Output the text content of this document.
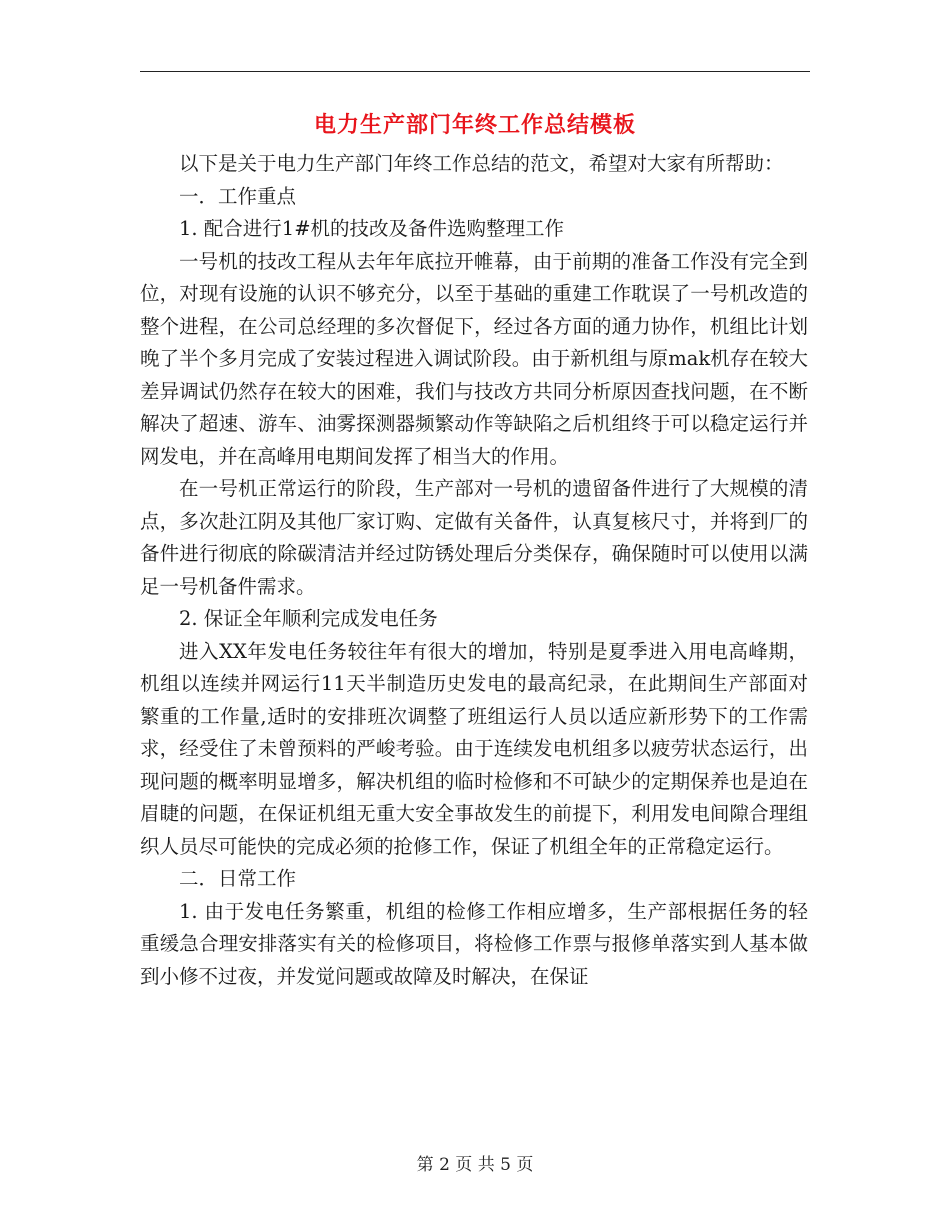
电力生产部门年终工作总结模板

以下是关于电力生产部门年终工作总结的范文，希望对大家有所帮助：

一．工作重点

1. 配合进行1#机的技改及备件选购整理工作

一号机的技改工程从去年年底拉开帷幕，由于前期的准备工作没有完全到位，对现有设施的认识不够充分，以至于基础的重建工作耽误了一号机改造的整个进程，在公司总经理的多次督促下，经过各方面的通力协作，机组比计划晚了半个多月完成了安装过程进入调试阶段。由于新机组与原mak机存在较大差异调试仍然存在较大的困难，我们与技改方共同分析原因查找问题，在不断解决了超速、游车、油雾探测器频繁动作等缺陷之后机组终于可以稳定运行并网发电，并在高峰用电期间发挥了相当大的作用。

在一号机正常运行的阶段，生产部对一号机的遗留备件进行了大规模的清点，多次赴江阴及其他厂家订购、定做有关备件，认真复核尺寸，并将到厂的备件进行彻底的除碳清洁并经过防锈处理后分类保存，确保随时可以使用以满足一号机备件需求。

2. 保证全年顺利完成发电任务

进入XX年发电任务较往年有很大的增加，特别是夏季进入用电高峰期，机组以连续并网运行11天半制造历史发电的最高纪录，在此期间生产部面对繁重的工作量,适时的安排班次调整了班组运行人员以适应新形势下的工作需求，经受住了未曾预料的严峻考验。由于连续发电机组多以疲劳状态运行，出现问题的概率明显增多，解决机组的临时检修和不可缺少的定期保养也是迫在眉睫的问题，在保证机组无重大安全事故发生的前提下，利用发电间隙合理组织人员尽可能快的完成必须的抢修工作，保证了机组全年的正常稳定运行。

二．日常工作

1. 由于发电任务繁重，机组的检修工作相应增多，生产部根据任务的轻重缓急合理安排落实有关的检修项目，将检修工作票与报修单落实到人基本做到小修不过夜，并发觉问题或故障及时解决，在保证

第 2 页 共 5 页
